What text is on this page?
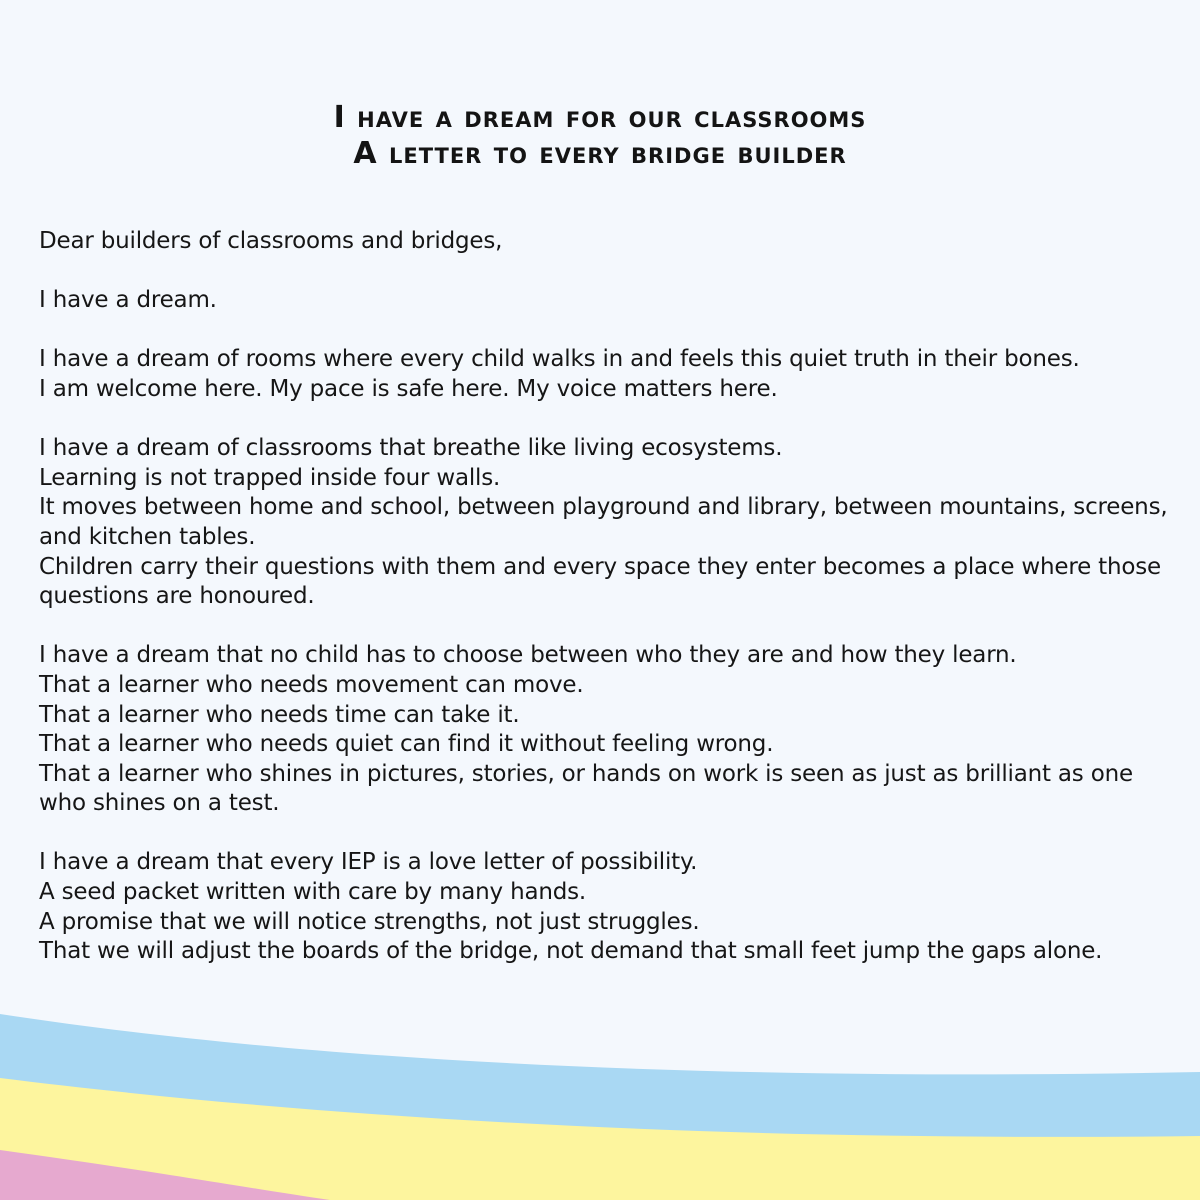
I have a dream for our classrooms
A letter to every bridge builder

Dear builders of classrooms and bridges,

I have a dream.

I have a dream of rooms where every child walks in and feels this quiet truth in their bones.
I am welcome here. My pace is safe here. My voice matters here.

I have a dream of classrooms that breathe like living ecosystems.
Learning is not trapped inside four walls.
It moves between home and school, between playground and library, between mountains, screens, and kitchen tables.
Children carry their questions with them and every space they enter becomes a place where those questions are honoured.

I have a dream that no child has to choose between who they are and how they learn.
That a learner who needs movement can move.
That a learner who needs time can take it.
That a learner who needs quiet can find it without feeling wrong.
That a learner who shines in pictures, stories, or hands on work is seen as just as brilliant as one who shines on a test.

I have a dream that every IEP is a love letter of possibility.
A seed packet written with care by many hands.
A promise that we will notice strengths, not just struggles.
That we will adjust the boards of the bridge, not demand that small feet jump the gaps alone.
